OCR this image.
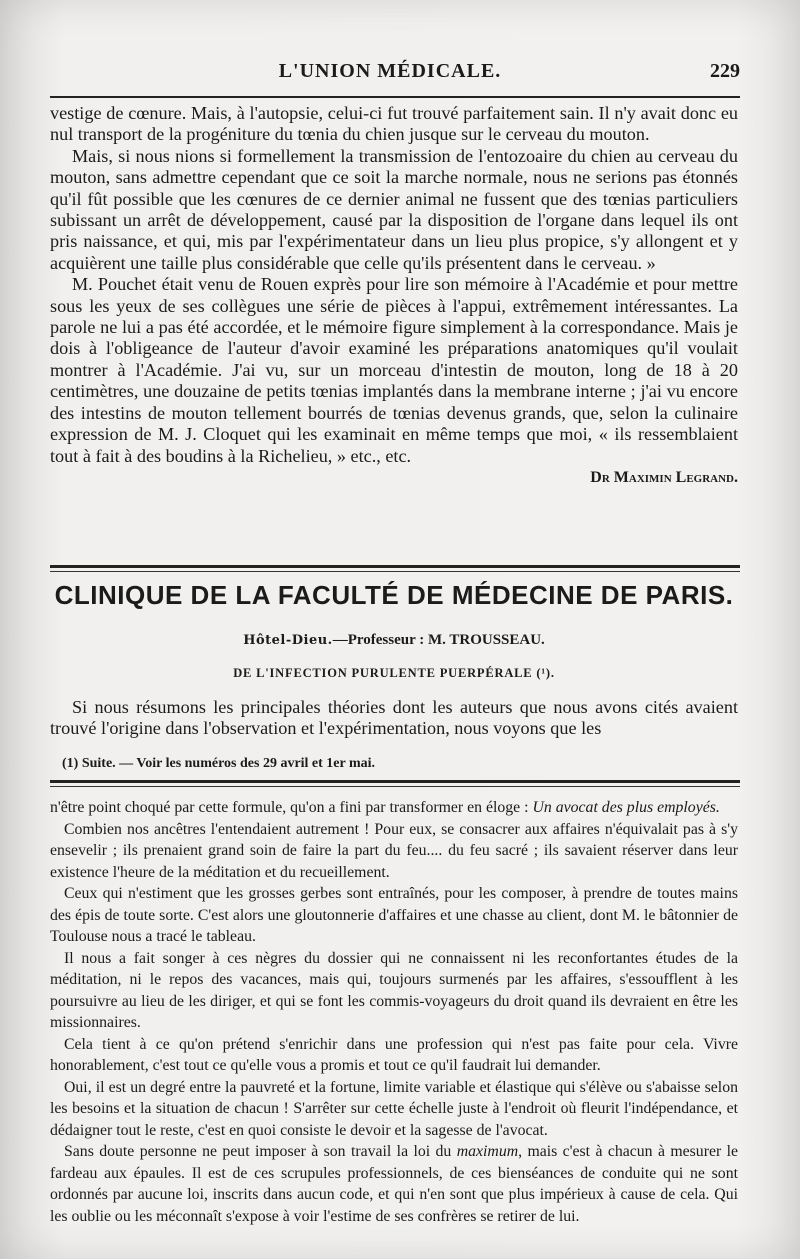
L'UNION MÉDICALE.	229

vestige de cœnure. Mais, à l'autopsie, celui-ci fut trouvé parfaitement sain. Il n'y avait donc eu nul transport de la progéniture du tœnia du chien jusque sur le cerveau du mouton.

Mais, si nous nions si formellement la transmission de l'entozoaire du chien au cerveau du mouton, sans admettre cependant que ce soit la marche normale, nous ne serions pas étonnés qu'il fût possible que les cœnures de ce dernier animal ne fussent que des tœnias particuliers subissant un arrêt de développement, causé par la disposition de l'organe dans lequel ils ont pris naissance, et qui, mis par l'expérimentateur dans un lieu plus propice, s'y allongent et y acquièrent une taille plus considérable que celle qu'ils présentent dans le cerveau. »

M. Pouchet était venu de Rouen exprès pour lire son mémoire à l'Académie et pour mettre sous les yeux de ses collègues une série de pièces à l'appui, extrêmement intéressantes. La parole ne lui a pas été accordée, et le mémoire figure simplement à la correspondance. Mais je dois à l'obligeance de l'auteur d'avoir examiné les préparations anatomiques qu'il voulait montrer à l'Académie. J'ai vu, sur un morceau d'intestin de mouton, long de 18 à 20 centimètres, une douzaine de petits tœnias implantés dans la membrane interne ; j'ai vu encore des intestins de mouton tellement bourrés de tœnias devenus grands, que, selon la culinaire expression de M. J. Cloquet qui les examinait en même temps que moi, « ils ressemblaient tout à fait à des boudins à la Richelieu, » etc., etc.

Dr Maximin Legrand.
CLINIQUE DE LA FACULTÉ DE MÉDECINE DE PARIS.
Hôtel-Dieu.—Professeur : M. TROUSSEAU.
DE L'INFECTION PURULENTE PUERPÉRALE (¹).

Si nous résumons les principales théories dont les auteurs que nous avons cités avaient trouvé l'origine dans l'observation et l'expérimentation, nous voyons que les

(1) Suite. — Voir les numéros des 29 avril et 1er mai.

n'être point choqué par cette formule, qu'on a fini par transformer en éloge : Un avocat des plus employés.

Combien nos ancêtres l'entendaient autrement ! Pour eux, se consacrer aux affaires n'équivalait pas à s'y ensevelir ; ils prenaient grand soin de faire la part du feu.... du feu sacré ; ils savaient réserver dans leur existence l'heure de la méditation et du recueillement.

Ceux qui n'estiment que les grosses gerbes sont entraînés, pour les composer, à prendre de toutes mains des épis de toute sorte. C'est alors une gloutonnerie d'affaires et une chasse au client, dont M. le bâtonnier de Toulouse nous a tracé le tableau.

Il nous a fait songer à ces nègres du dossier qui ne connaissent ni les reconfortantes études de la méditation, ni le repos des vacances, mais qui, toujours surmenés par les affaires, s'essoufflent à les poursuivre au lieu de les diriger, et qui se font les commis-voyageurs du droit quand ils devraient en être les missionnaires.

Cela tient à ce qu'on prétend s'enrichir dans une profession qui n'est pas faite pour cela. Vivre honorablement, c'est tout ce qu'elle vous a promis et tout ce qu'il faudrait lui demander.

Oui, il est un degré entre la pauvreté et la fortune, limite variable et élastique qui s'élève ou s'abaisse selon les besoins et la situation de chacun ! S'arrêter sur cette échelle juste à l'endroit où fleurit l'indépendance, et dédaigner tout le reste, c'est en quoi consiste le devoir et la sagesse de l'avocat.

Sans doute personne ne peut imposer à son travail la loi du maximum, mais c'est à chacun à mesurer le fardeau aux épaules. Il est de ces scrupules professionnels, de ces bienséances de conduite qui ne sont ordonnés par aucune loi, inscrits dans aucun code, et qui n'en sont que plus impérieux à cause de cela. Qui les oublie ou les méconnaît s'expose à voir l'estime de ses confrères se retirer de lui.
